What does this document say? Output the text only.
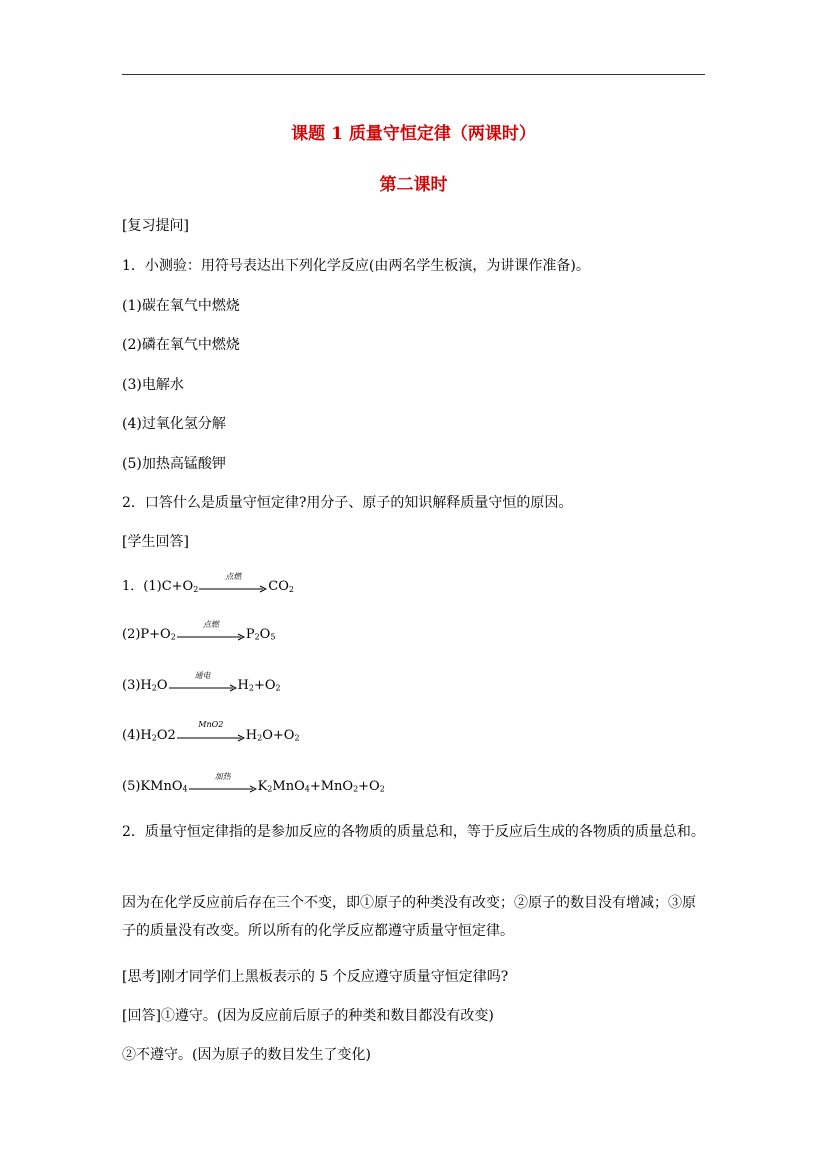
课题 1 质量守恒定律（两课时）
第二课时
[复习提问]
1．小测验：用符号表达出下列化学反应(由两名学生板演，为讲课作准备)。
(1)碳在氧气中燃烧
(2)磷在氧气中燃烧
(3)电解水
(4)过氧化氢分解
(5)加热高锰酸钾
2．口答什么是质量守恒定律?用分子、原子的知识解释质量守恒的原因。
[学生回答]
1．$(1)C+O_2$
点燃
$CO_2$
$(2)P+O_2$
点燃
$P_2O_5$
$(3)H_2O$
通电
$H_2+O_2$
$(4)H_2O2$
MnO2
$H_2O+O_2$
(5)KMnO$_4$
加热
$K_2MnO_4+MnO_2+O_2$
2．质量守恒定律指的是参加反应的各物质的质量总和，等于反应后生成的各物质的质量总和。
因为在化学反应前后存在三个不变，即①原子的种类没有改变；②原子的数目没有增减；③原子的质量没有改变。所以所有的化学反应都遵守质量守恒定律。
[思考]刚才同学们上黑板表示的 5 个反应遵守质量守恒定律吗?
[回答]①遵守。(因为反应前后原子的种类和数目都没有改变)
②不遵守。(因为原子的数目发生了变化)
